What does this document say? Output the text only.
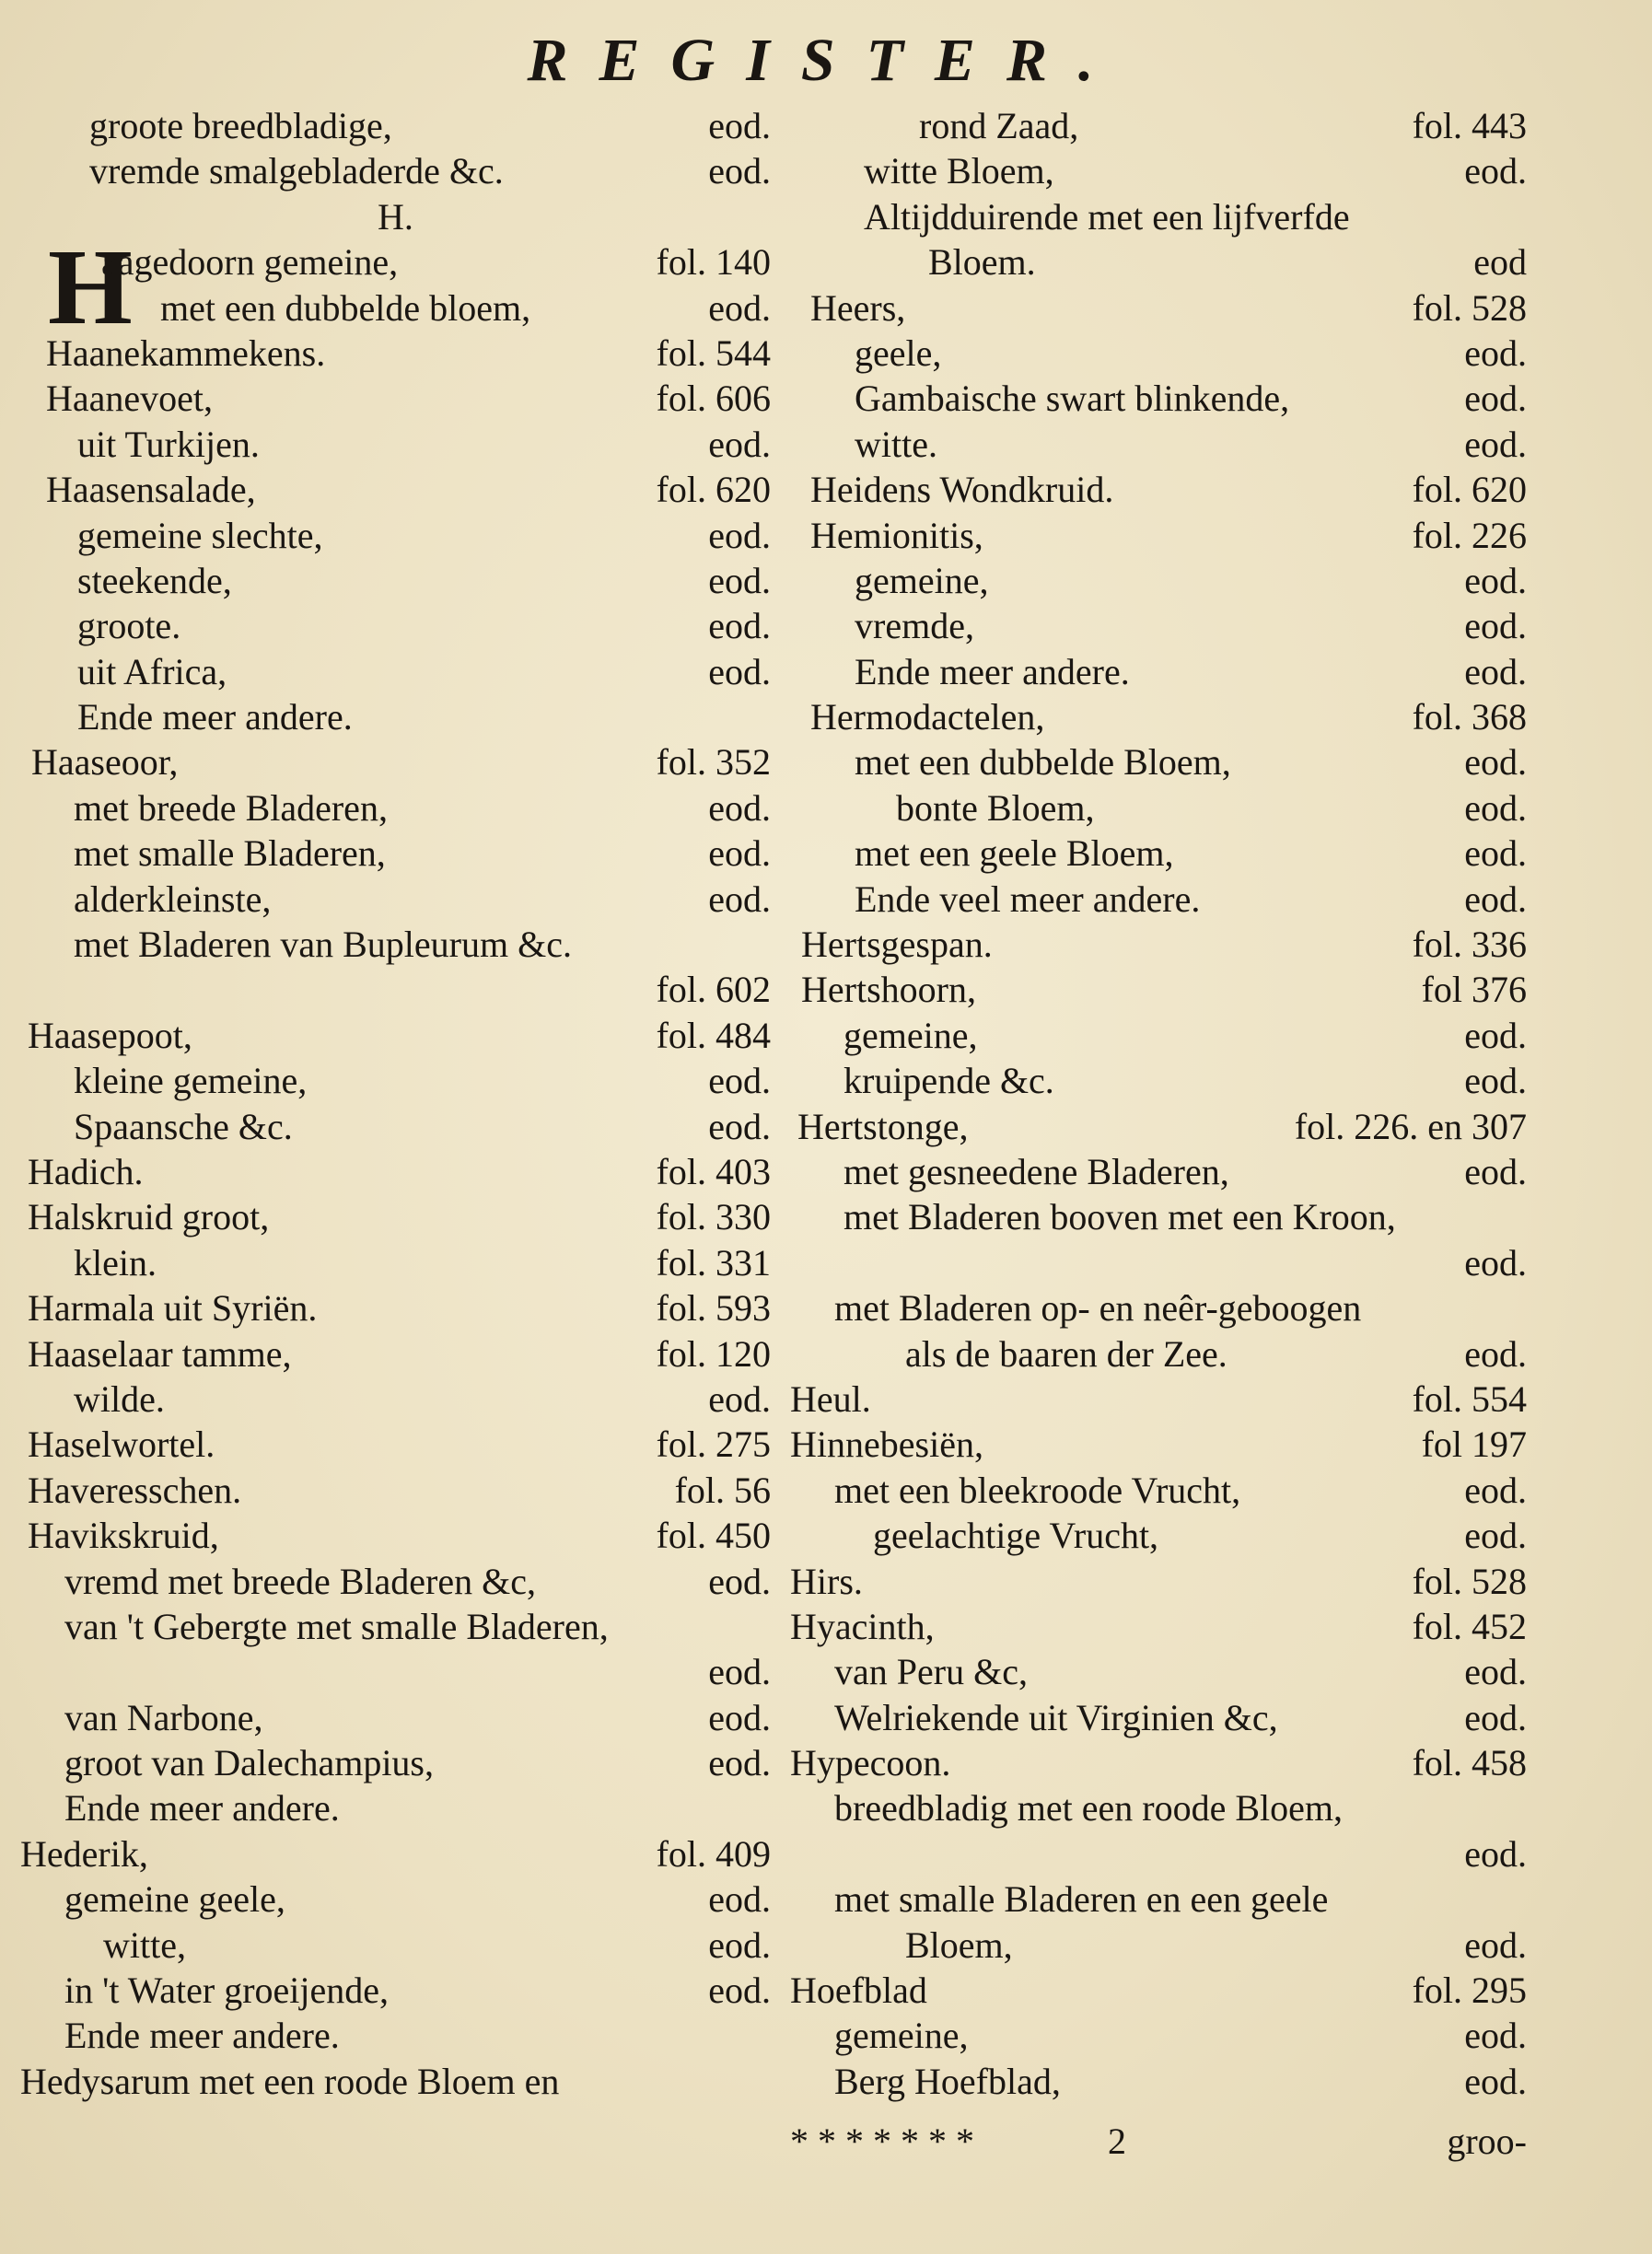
REGISTER.
H
groote breedbladige,	eod.
vremde smalgebladerde &c.	eod.
H.
aagedoorn gemeine,	fol. 140
met een dubbelde bloem,	eod.
Haanekammekens.	fol. 544
Haanevoet,	fol. 606
uit Turkijen.	eod.
Haasensalade,	fol. 620
gemeine slechte,	eod.
steekende,	eod.
groote.	eod.
uit Africa,	eod.
Ende meer andere.
Haaseoor,	fol. 352
met breede Bladeren,	eod.
met smalle Bladeren,	eod.
alderkleinste,	eod.
met Bladeren van Bupleurum &c.
fol. 602
Haasepoot,	fol. 484
kleine gemeine,	eod.
Spaansche &c.	eod.
Hadich.	fol. 403
Halskruid groot,	fol. 330
klein.	fol. 331
Harmala uit Syriën.	fol. 593
Haaselaar tamme,	fol. 120
wilde.	eod.
Haselwortel.	fol. 275
Haveresschen.	fol. 56
Havikskruid,	fol. 450
vremd met breede Bladeren &c,	eod.
van 't Gebergte met smalle Bladeren,
eod.
van Narbone,	eod.
groot van Dalechampius,	eod.
Ende meer andere.
Hederik,	fol. 409
gemeine geele,	eod.
witte,	eod.
in 't Water groeijende,	eod.
Ende meer andere.
Hedysarum met een roode Bloem en
rond Zaad,	fol. 443
witte Bloem,	eod.
Altijdduirende met een lijfverfde
Bloem.	eod
Heers,	fol. 528
geele,	eod.
Gambaische swart blinkende,	eod.
witte.	eod.
Heidens Wondkruid.	fol. 620
Hemionitis,	fol. 226
gemeine,	eod.
vremde,	eod.
Ende meer andere.	eod.
Hermodactelen,	fol. 368
met een dubbelde Bloem,	eod.
bonte Bloem,	eod.
met een geele Bloem,	eod.
Ende veel meer andere.	eod.
Hertsgespan.	fol. 336
Hertshoorn,	fol 376
gemeine,	eod.
kruipende &c.	eod.
Hertstonge,	fol. 226. en 307
met gesneedene Bladeren,	eod.
met Bladeren booven met een Kroon,
eod.
met Bladeren op- en neêr-geboogen
als de baaren der Zee.	eod.
Heul.	fol. 554
Hinnebesiën,	fol 197
met een bleekroode Vrucht,	eod.
geelachtige Vrucht,	eod.
Hirs.	fol. 528
Hyacinth,	fol. 452
van Peru &c,	eod.
Welriekende uit Virginien &c,	eod.
Hypecoon.	fol. 458
breedbladig met een roode Bloem,
eod.
met smalle Bladeren en een geele
Bloem,	eod.
Hoefblad	fol. 295
gemeine,	eod.
Berg Hoefblad,	eod.
* * * * * * *	2	groo-
